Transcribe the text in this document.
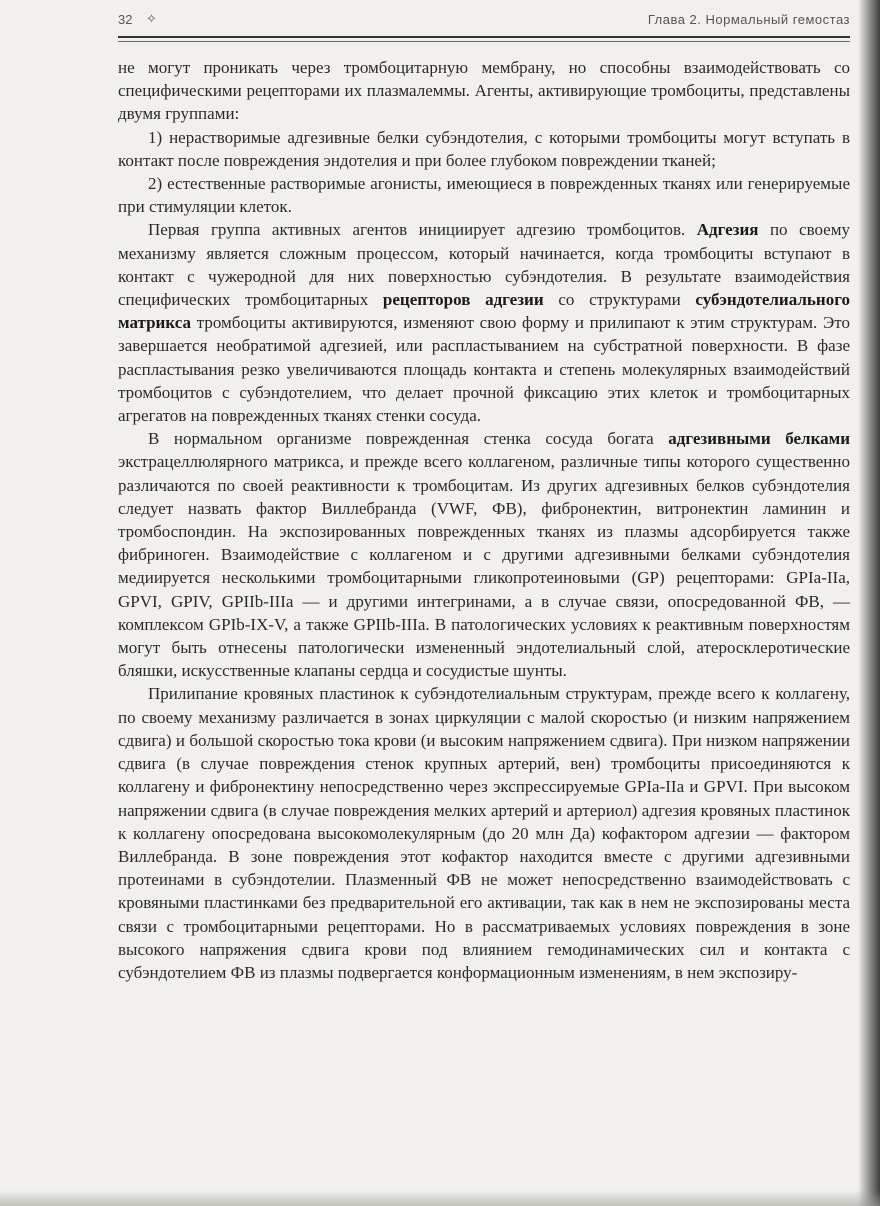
32 ✧	Глава 2. Нормальный гемостаз

не могут проникать через тромбоцитарную мембрану, но способны взаимодействовать со специфическими рецепторами их плазмалеммы. Агенты, активирующие тромбоциты, представлены двумя группами:

1) нерастворимые адгезивные белки субэндотелия, с которыми тромбоциты могут вступать в контакт после повреждения эндотелия и при более глубоком повреждении тканей;

2) естественные растворимые агонисты, имеющиеся в поврежденных тканях или генерируемые при стимуляции клеток.

Первая группа активных агентов инициирует адгезию тромбоцитов. Адгезия по своему механизму является сложным процессом, который начинается, когда тромбоциты вступают в контакт с чужеродной для них поверхностью субэндотелия. В результате взаимодействия специфических тромбоцитарных рецепторов адгезии со структурами субэндотелиального матрикса тромбоциты активируются, изменяют свою форму и прилипают к этим структурам. Это завершается необратимой адгезией, или распластыванием на субстратной поверхности. В фазе распластывания резко увеличиваются площадь контакта и степень молекулярных взаимодействий тромбоцитов с субэндотелием, что делает прочной фиксацию этих клеток и тромбоцитарных агрегатов на поврежденных тканях стенки сосуда.

В нормальном организме поврежденная стенка сосуда богата адгезивными белками экстрацеллюлярного матрикса, и прежде всего коллагеном, различные типы которого существенно различаются по своей реактивности к тромбоцитам. Из других адгезивных белков субэндотелия следует назвать фактор Виллебранда (VWF, ФВ), фибронектин, витронектин ламинин и тромбоспондин. На экспозированных поврежденных тканях из плазмы адсорбируется также фибриноген. Взаимодействие с коллагеном и с другими адгезивными белками субэндотелия медиируется несколькими тромбоцитарными гликопротеиновыми (GP) рецепторами: GPIa-IIa, GPVI, GPIV, GPIIb-IIIa — и другими интегринами, а в случае связи, опосредованной ФВ, — комплексом GPIb-IX-V, а также GPIIb-IIIa. В патологических условиях к реактивным поверхностям могут быть отнесены патологически измененный эндотелиальный слой, атеросклеротические бляшки, искусственные клапаны сердца и сосудистые шунты.

Прилипание кровяных пластинок к субэндотелиальным структурам, прежде всего к коллагену, по своему механизму различается в зонах циркуляции с малой скоростью (и низким напряжением сдвига) и большой скоростью тока крови (и высоким напряжением сдвига). При низком напряжении сдвига (в случае повреждения стенок крупных артерий, вен) тромбоциты присоединяются к коллагену и фибронектину непосредственно через экспрессируемые GPIa-IIa и GPVI. При высоком напряжении сдвига (в случае повреждения мелких артерий и артериол) адгезия кровяных пластинок к коллагену опосредована высокомолекулярным (до 20 млн Да) кофактором адгезии — фактором Виллебранда. В зоне повреждения этот кофактор находится вместе с другими адгезивными протеинами в субэндотелии. Плазменный ФВ не может непосредственно взаимодействовать с кровяными пластинками без предварительной его активации, так как в нем не экспозированы места связи с тромбоцитарными рецепторами. Но в рассматриваемых условиях повреждения в зоне высокого напряжения сдвига крови под влиянием гемодинамических сил и контакта с субэндотелием ФВ из плазмы подвергается конформационным изменениям, в нем экспозиру-
